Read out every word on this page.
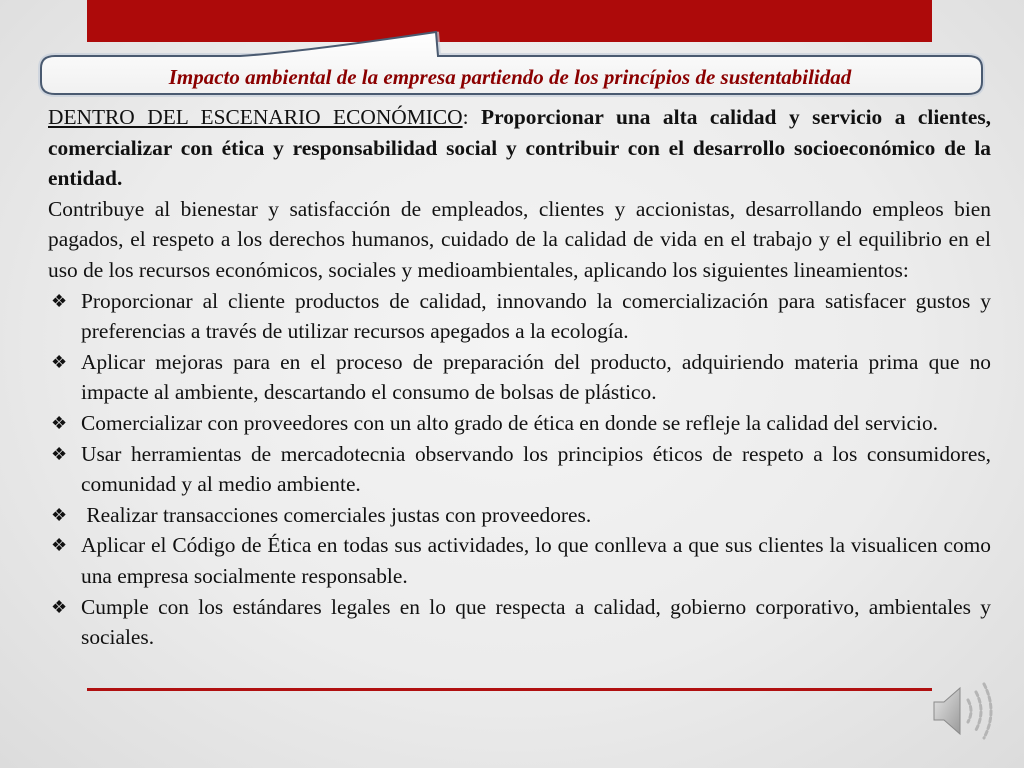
Impacto ambiental de la empresa partiendo de los princípios de sustentabilidad

DENTRO DEL ESCENARIO ECONÓMICO: Proporcionar una alta calidad y servicio a clientes, comercializar con ética y responsabilidad social y contribuir con el desarrollo socioeconómico de la entidad.

Contribuye al bienestar y satisfacción de empleados, clientes y accionistas, desarrollando empleos bien pagados, el respeto a los derechos humanos, cuidado de la calidad de vida en el trabajo y el equilibrio en el uso de los recursos económicos, sociales y medioambientales, aplicando los siguientes lineamientos:

❖ Proporcionar al cliente productos de calidad, innovando la comercialización para satisfacer gustos y preferencias a través de utilizar recursos apegados a la ecología.
❖ Aplicar mejoras para en el proceso de preparación del producto, adquiriendo materia prima que no impacte al ambiente, descartando el consumo de bolsas de plástico.
❖ Comercializar con proveedores con un alto grado de ética en donde se refleje la calidad del servicio.
❖ Usar herramientas de mercadotecnia observando los principios éticos de respeto a los consumidores, comunidad y al medio ambiente.
❖ Realizar transacciones comerciales justas con proveedores.
❖ Aplicar el Código de Ética en todas sus actividades, lo que conlleva a que sus clientes la visualicen como una empresa socialmente responsable.
❖ Cumple con los estándares legales en lo que respecta a calidad, gobierno corporativo, ambientales y sociales.
